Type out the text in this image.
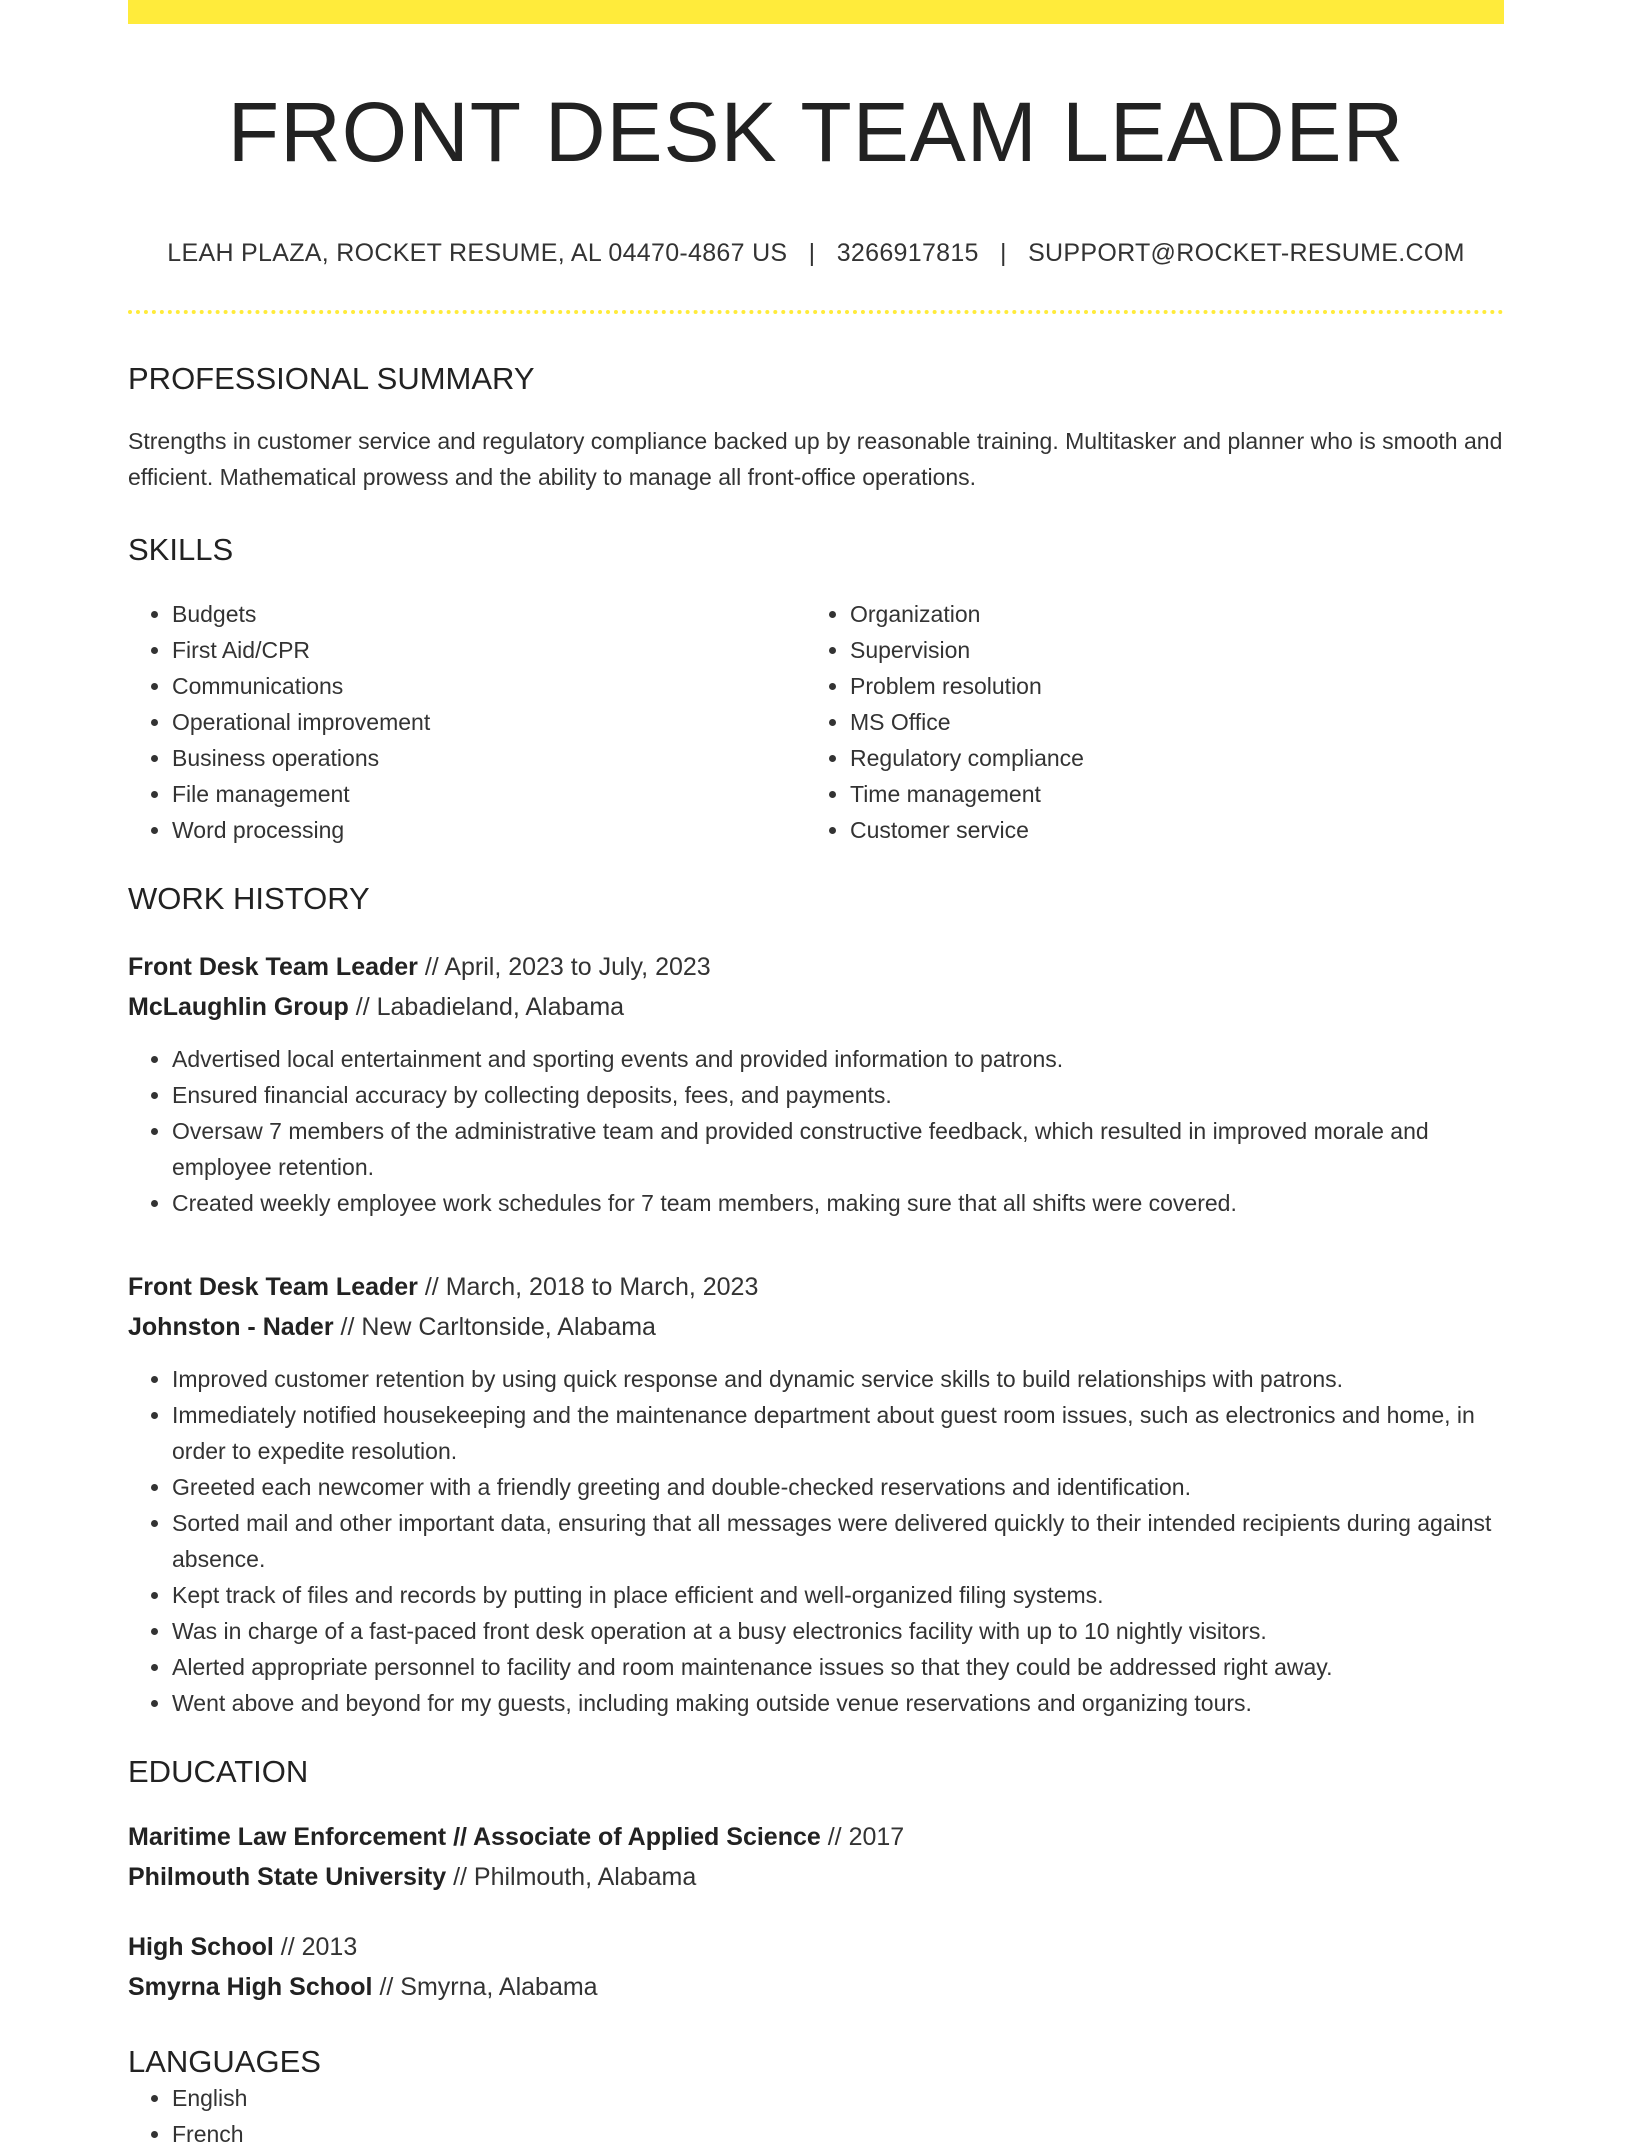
FRONT DESK TEAM LEADER
LEAH PLAZA, ROCKET RESUME, AL 04470-4867 US | 3266917815 | SUPPORT@ROCKET-RESUME.COM
PROFESSIONAL SUMMARY

Strengths in customer service and regulatory compliance backed up by reasonable training. Multitasker and planner who is smooth and efficient. Mathematical prowess and the ability to manage all front-office operations.

SKILLS
• Budgets
• First Aid/CPR
• Communications
• Operational improvement
• Business operations
• File management
• Word processing
• Organization
• Supervision
• Problem resolution
• MS Office
• Regulatory compliance
• Time management
• Customer service
WORK HISTORY
Front Desk Team Leader // April, 2023 to July, 2023
McLaughlin Group // Labadieland, Alabama
• Advertised local entertainment and sporting events and provided information to patrons.
• Ensured financial accuracy by collecting deposits, fees, and payments.
• Oversaw 7 members of the administrative team and provided constructive feedback, which resulted in improved morale and employee retention.
• Created weekly employee work schedules for 7 team members, making sure that all shifts were covered.
Front Desk Team Leader // March, 2018 to March, 2023
Johnston - Nader // New Carltonside, Alabama
• Improved customer retention by using quick response and dynamic service skills to build relationships with patrons.
• Immediately notified housekeeping and the maintenance department about guest room issues, such as electronics and home, in order to expedite resolution.
• Greeted each newcomer with a friendly greeting and double-checked reservations and identification.
• Sorted mail and other important data, ensuring that all messages were delivered quickly to their intended recipients during against absence.
• Kept track of files and records by putting in place efficient and well-organized filing systems.
• Was in charge of a fast-paced front desk operation at a busy electronics facility with up to 10 nightly visitors.
• Alerted appropriate personnel to facility and room maintenance issues so that they could be addressed right away.
• Went above and beyond for my guests, including making outside venue reservations and organizing tours.
EDUCATION
Maritime Law Enforcement // Associate of Applied Science // 2017
Philmouth State University // Philmouth, Alabama
High School // 2013
Smyrna High School // Smyrna, Alabama
LANGUAGES
• English
• French
